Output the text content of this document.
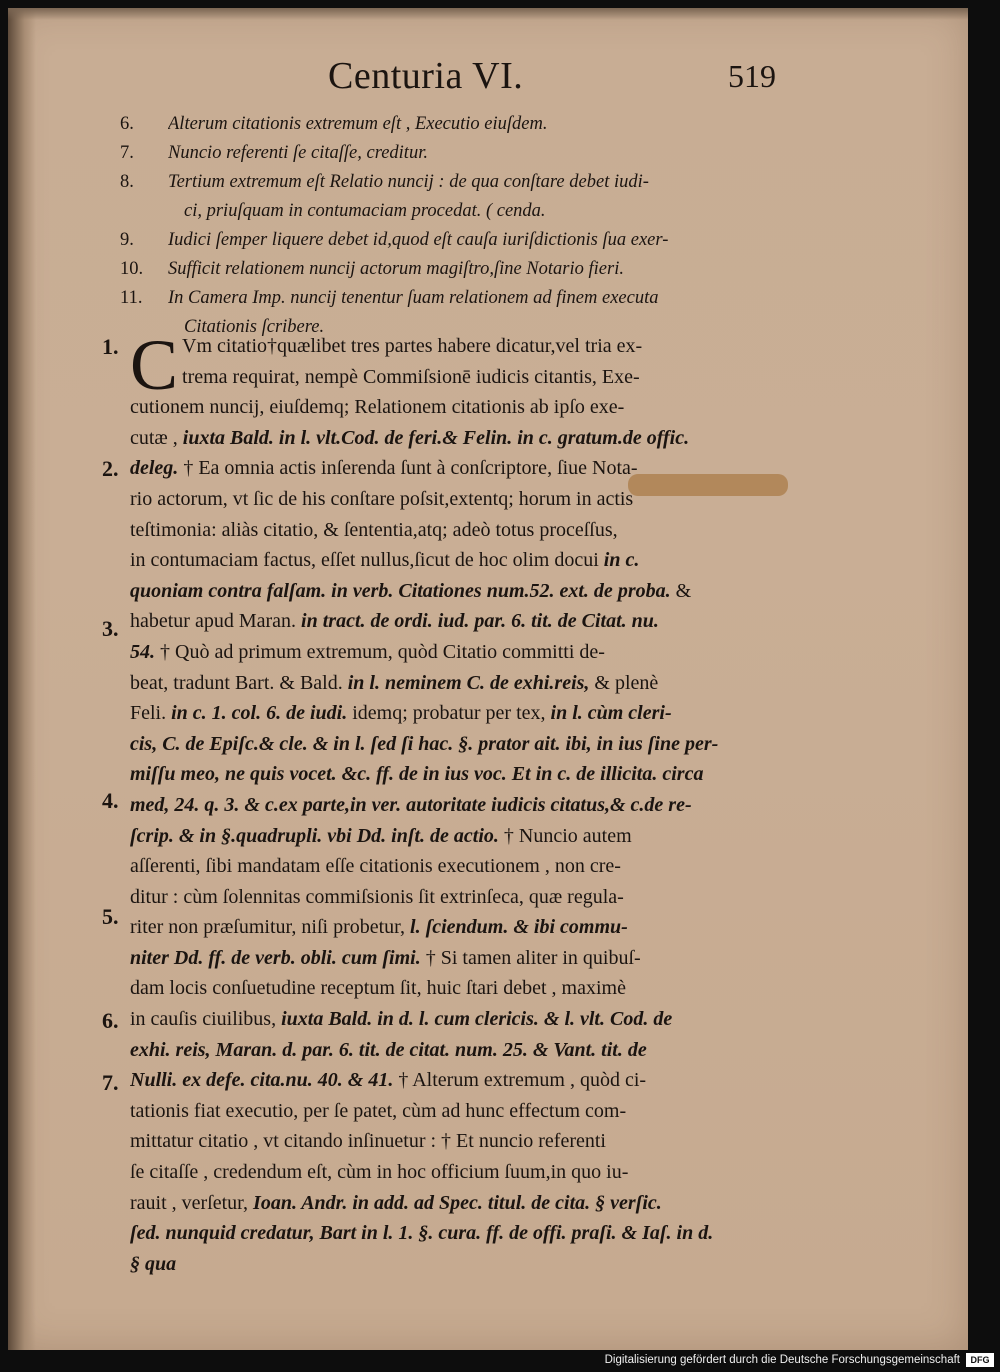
Centuria VI.	519
6.	Alterum citationis extremum eſt , Executio eiuſdem.
7.	Nuncio referenti ſe citaſſe, creditur.
8.	Tertium extremum eſt Relatio nuncij : de qua conſtare debet iudi-
ci, priuſquam in contumaciam procedat. ( cenda.
9.	Iudici ſemper liquere debet id,quod eſt cauſa iuriſdictionis ſua exer-
10.	Sufficit relationem nuncij actorum magiſtro,ſine Notario fieri.
11.	In Camera Imp. nuncij tenentur ſuam relationem ad finem executa
Citationis ſcribere.
1.
2.
3.
4.
5.
6.
7.
C Vm citatio†quælibet tres partes habere dicatur,vel tria ex-
trema requirat, nempè Commiſsionē iudicis citantis, Exe-
cutionem nuncij, eiuſdemq; Relationem citationis ab ipſo exe-
cutæ , iuxta Bald. in l. vlt.Cod. de feri.& Felin. in c. gratum.de offic.
deleg. † Ea omnia actis inſerenda ſunt à conſcriptore, ſiue Nota-
rio actorum, vt ſic de his conſtare poſsit,extentq; horum in actis
teſtimonia: aliàs citatio, & ſententia,atq; adeò totus proceſſus,
in contumaciam factus, eſſet nullus,ſicut de hoc olim docui in c.
quoniam contra falſam. in verb. Citationes num.52. ext. de proba. &
habetur apud Maran. in tract. de ordi. iud. par. 6. tit. de Citat. nu.
54. † Quò ad primum extremum, quòd Citatio committi de-
beat, tradunt Bart. & Bald. in l. neminem C. de exhi.reis, & plenè
Feli. in c. 1. col. 6. de iudi. idemq; probatur per tex, in l. cùm cleri-
cis, C. de Epiſc.& cle. & in l. ſed ſi hac. §. prator ait. ibi, in ius ſine per-
miſſu meo, ne quis vocet. &c. ff. de in ius voc. Et in c. de illicita. circa
med, 24. q. 3. & c.ex parte,in ver. autoritate iudicis citatus,& c.de re-
ſcrip. & in §.quadrupli. vbi Dd. inſt. de actio. † Nuncio autem
aſſerenti, ſibi mandatam eſſe citationis executionem , non cre-
ditur : cùm ſolennitas commiſsionis ſit extrinſeca, quæ regula-
riter non præſumitur, niſi probetur, l. ſciendum. & ibi commu-
niter Dd. ff. de verb. obli. cum ſimi. † Si tamen aliter in quibuſ-
dam locis conſuetudine receptum ſit, huic ſtari debet , maximè
in cauſis ciuilibus, iuxta Bald. in d. l. cum clericis. & l. vlt. Cod. de
exhi. reis, Maran. d. par. 6. tit. de citat. num. 25. & Vant. tit. de
Nulli. ex defe. cita.nu. 40. & 41. † Alterum extremum , quòd ci-
tationis fiat executio, per ſe patet, cùm ad hunc effectum com-
mittatur citatio , vt citando inſinuetur : † Et nuncio referenti
ſe citaſſe , credendum eſt, cùm in hoc officium ſuum,in quo iu-
rauit , verſetur, Ioan. Andr. in add. ad Spec. titul. de cita. § verſic.
ſed. nunquid credatur, Bart in l. 1. §. cura. ff. de offi. praſi. & Iaſ. in d.
§ qua
Digitalisierung gefördert durch die Deutsche Forschungsgemeinschaft	DFG
